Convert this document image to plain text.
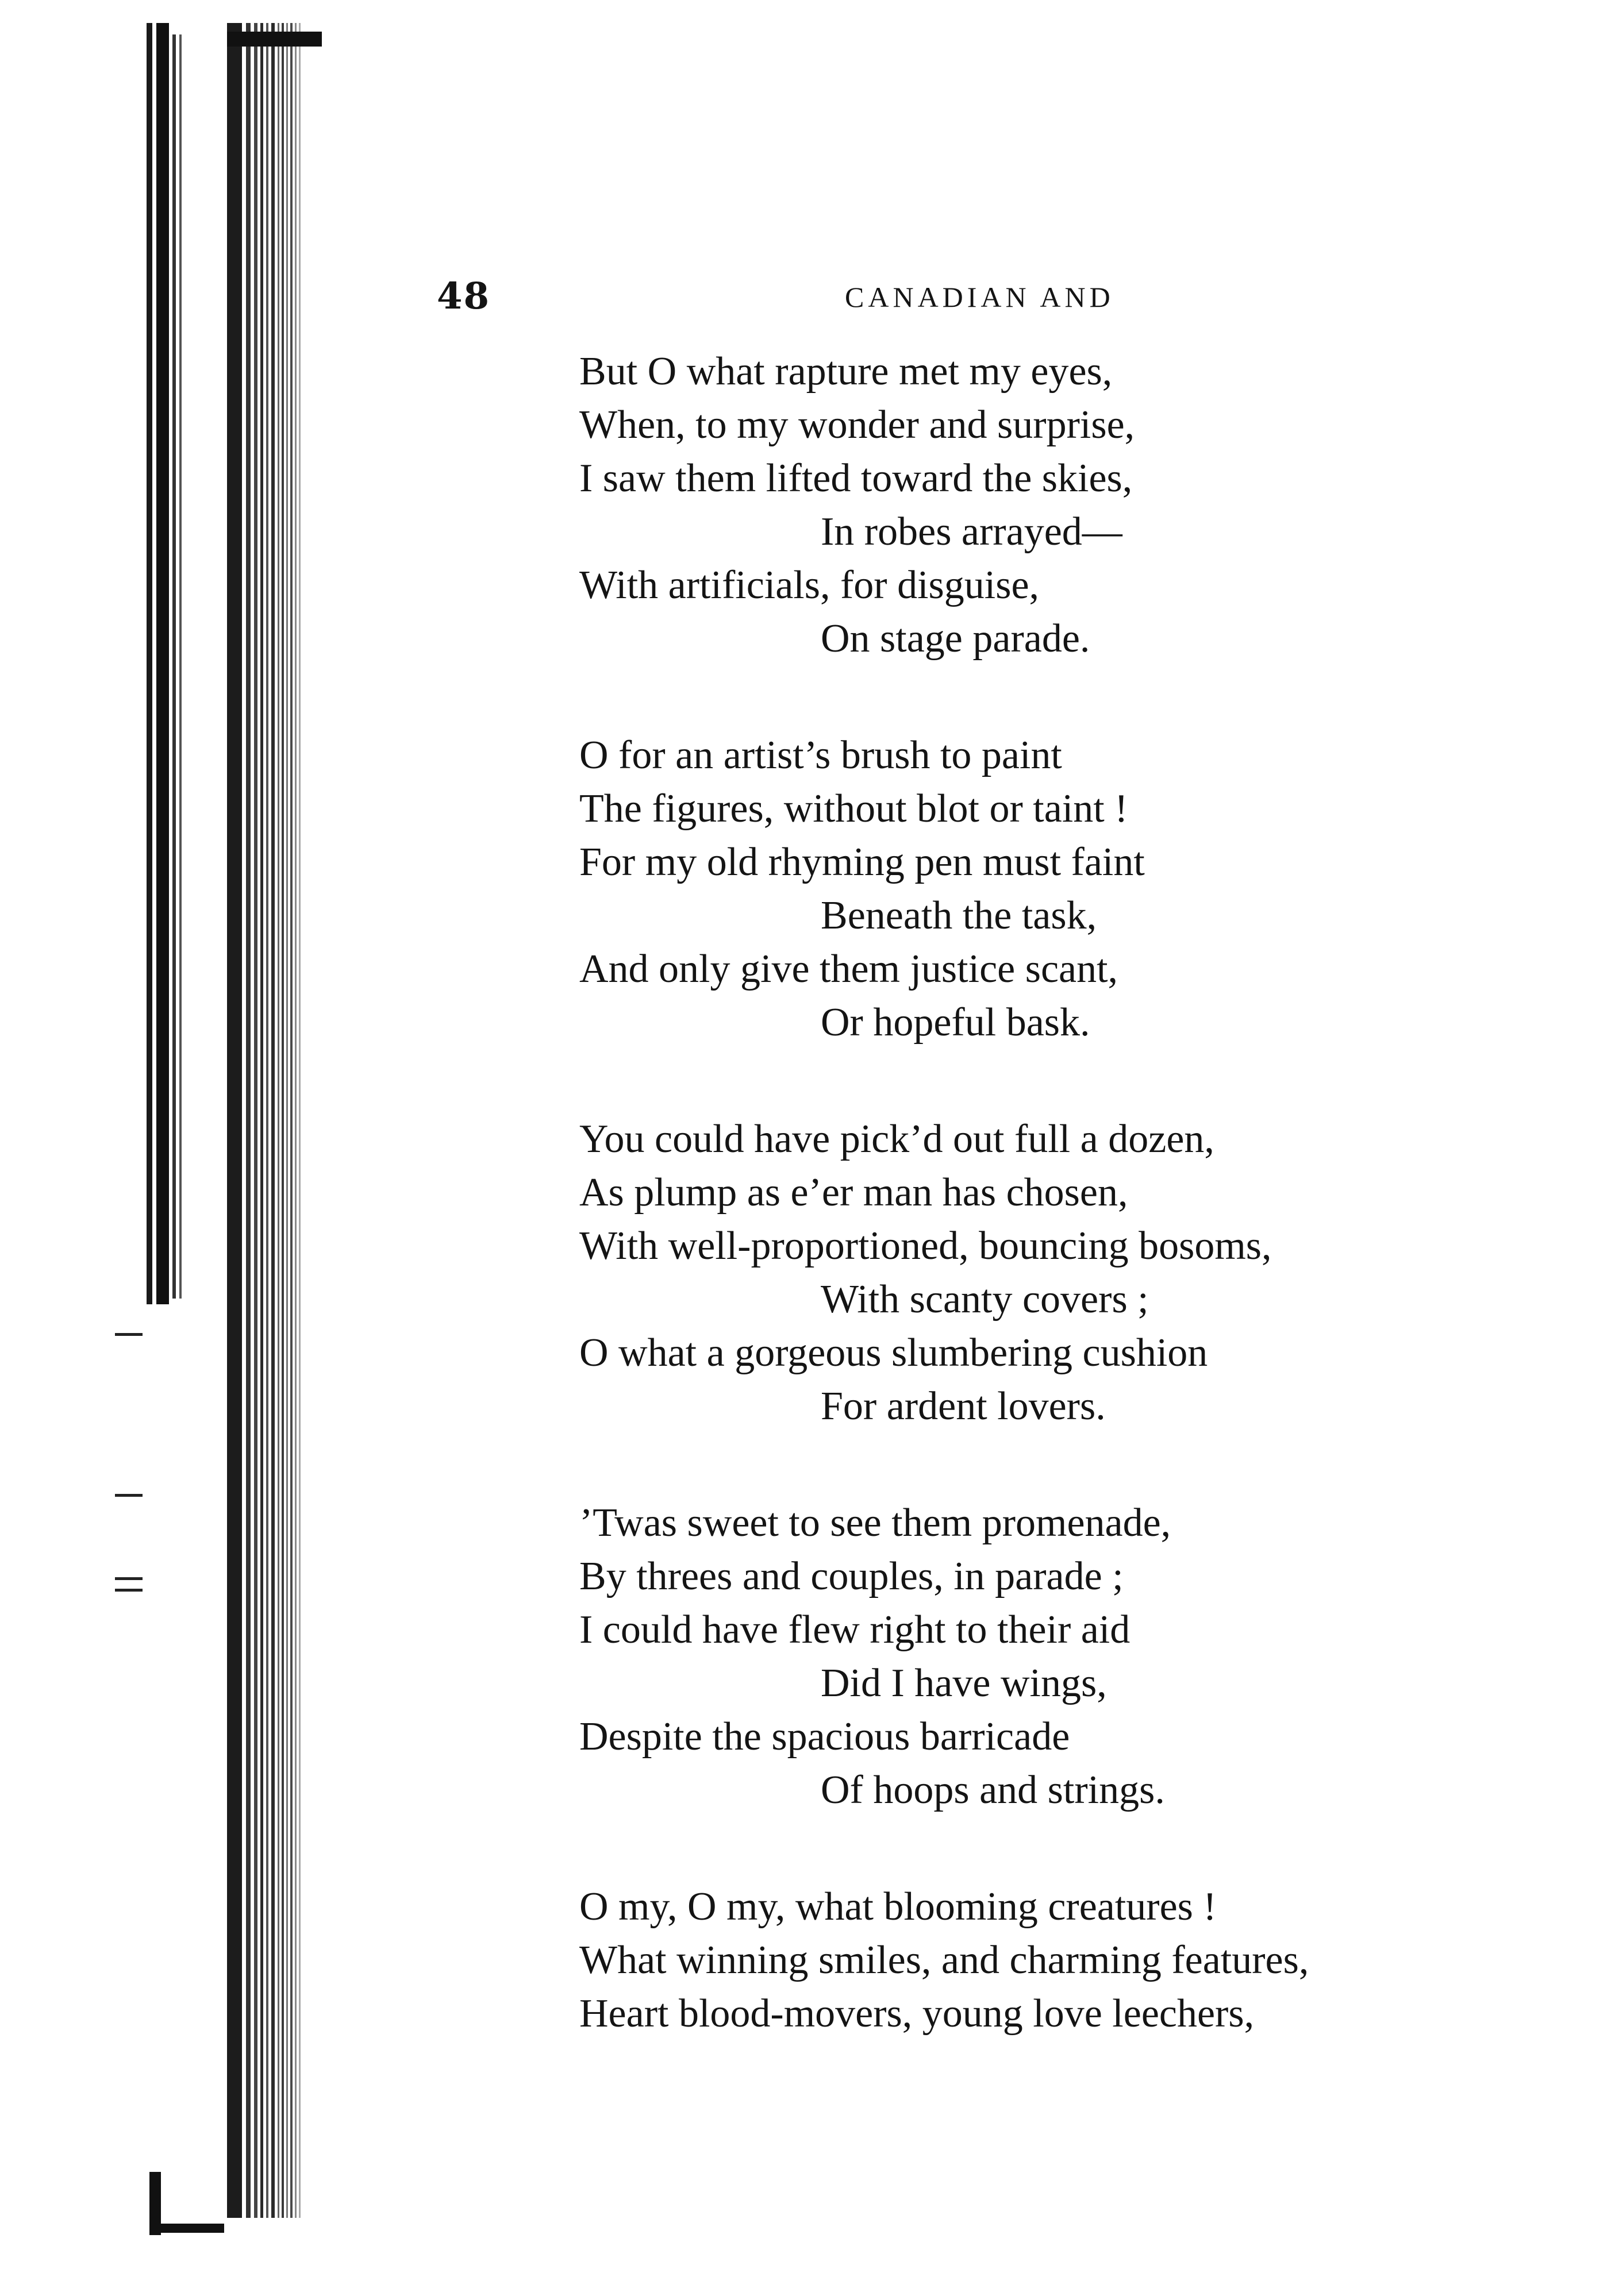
48	CANADIAN AND
But O what rapture met my eyes,
When, to my wonder and surprise,
I saw them lifted toward the skies,
In robes arrayed—
With artificials, for disguise,
On stage parade.
O for an artist’s brush to paint
The figures, without blot or taint !
For my old rhyming pen must faint
Beneath the task,
And only give them justice scant,
Or hopeful bask.
You could have pick’d out full a dozen,
As plump as e’er man has chosen,
With well-proportioned, bouncing bosoms,
With scanty covers ;
O what a gorgeous slumbering cushion
For ardent lovers.
’Twas sweet to see them promenade,
By threes and couples, in parade ;
I could have flew right to their aid
Did I have wings,
Despite the spacious barricade
Of hoops and strings.
O my, O my, what blooming creatures !
What winning smiles, and charming features,
Heart blood-movers, young love leechers,
